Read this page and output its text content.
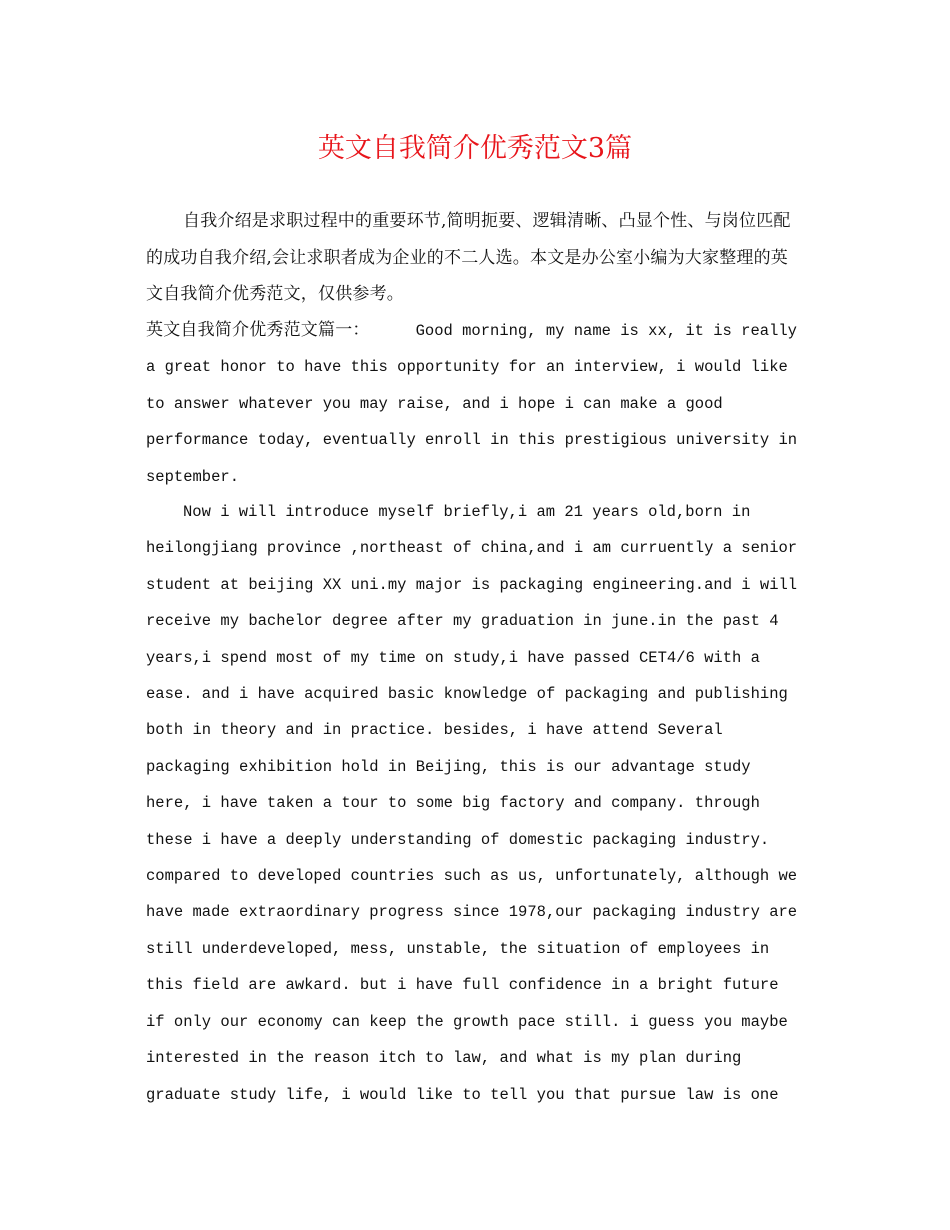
英文自我简介优秀范文3篇

自我介绍是求职过程中的重要环节,简明扼要、逻辑清晰、凸显个性、与岗位匹配的成功自我介绍,会让求职者成为企业的不二人选。本文是办公室小编为大家整理的英文自我简介优秀范文，仅供参考。

英文自我简介优秀范文篇一：	Good morning, my name is xx, it is really a great honor to have this opportunity for an interview, i would like to answer whatever you may raise, and i hope i can make a good performance today, eventually enroll in this prestigious university in september.

Now i will introduce myself briefly,i am 21 years old,born in heilongjiang province ,northeast of china,and i am curruently a senior student at beijing XX uni.my major is packaging engineering.and i will receive my bachelor degree after my graduation in june.in the past 4 years,i spend most of my time on study,i have passed CET4/6 with a ease. and i have acquired basic knowledge of packaging and publishing both in theory and in practice. besides, i have attend Several packaging exhibition hold in Beijing, this is our advantage study here, i have taken a tour to some big factory and company. through these i have a deeply understanding of domestic packaging industry. compared to developed countries such as us, unfortunately, although we have made extraordinary progress since 1978,our packaging industry are still underdeveloped, mess, unstable, the situation of employees in this field are awkard. but i have full confidence in a bright future if only our economy can keep the growth pace still. i guess you maybe interested in the reason itch to law, and what is my plan during graduate study life, i would like to tell you that pursue law is one
